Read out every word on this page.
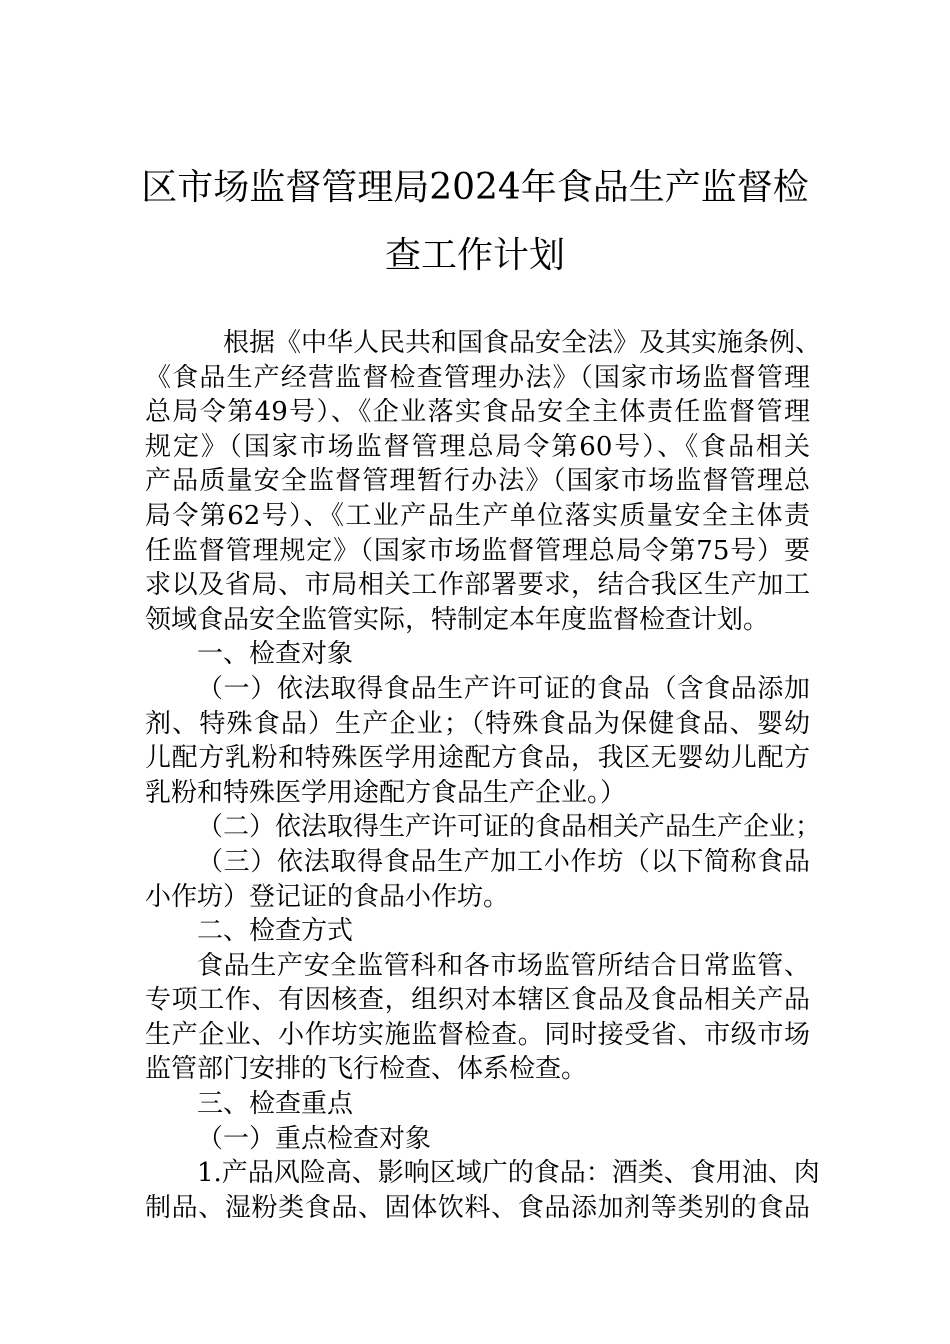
区市场监督管理局2024年食品生产监督检
查工作计划
根据《中华人民共和国食品安全法》及其实施条例、
《食品生产经营监督检查管理办法》（国家市场监督管理
总局令第49号）、《企业落实食品安全主体责任监督管理
规定》（国家市场监督管理总局令第60号）、《食品相关
产品质量安全监督管理暂行办法》（国家市场监督管理总
局令第62号）、《工业产品生产单位落实质量安全主体责
任监督管理规定》（国家市场监督管理总局令第75号）要
求以及省局、市局相关工作部署要求，结合我区生产加工
领域食品安全监管实际，特制定本年度监督检查计划。
一、检查对象
（一）依法取得食品生产许可证的食品（含食品添加
剂、特殊食品）生产企业；（特殊食品为保健食品、婴幼
儿配方乳粉和特殊医学用途配方食品，我区无婴幼儿配方
乳粉和特殊医学用途配方食品生产企业。）
（二）依法取得生产许可证的食品相关产品生产企业；
（三）依法取得食品生产加工小作坊（以下简称食品
小作坊）登记证的食品小作坊。
二、检查方式
食品生产安全监管科和各市场监管所结合日常监管、
专项工作、有因核查，组织对本辖区食品及食品相关产品
生产企业、小作坊实施监督检查。同时接受省、市级市场
监管部门安排的飞行检查、体系检查。
三、检查重点
（一）重点检查对象
1.产品风险高、影响区域广的食品：酒类、食用油、肉
制品、湿粉类食品、固体饮料、食品添加剂等类别的食品
